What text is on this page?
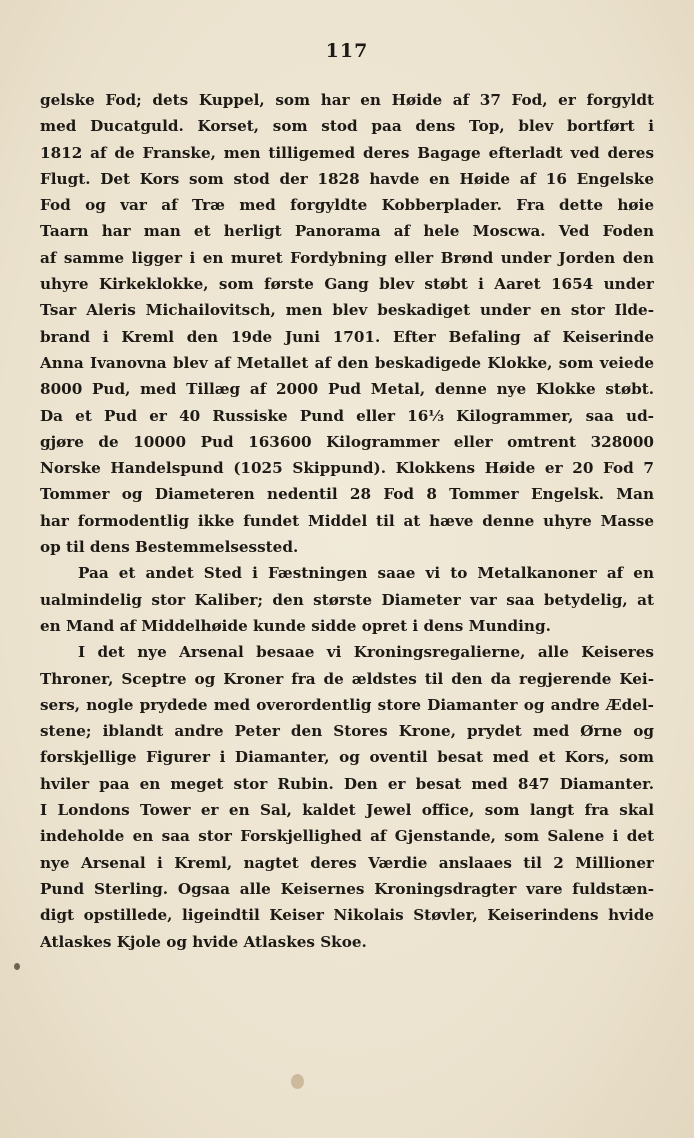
117
gelske Fod; dets Kuppel, som har en Høide af 37 Fod, er forgyldt
med Ducatguld. Korset, som stod paa dens Top, blev bortført i
1812 af de Franske, men tilligemed deres Bagage efterladt ved deres
Flugt. Det Kors som stod der 1828 havde en Høide af 16 Engelske
Fod og var af Træ med forgyldte Kobberplader. Fra dette høie
Taarn har man et herligt Panorama af hele Moscwa. Ved Foden
af samme ligger i en muret Fordybning eller Brønd under Jorden den
uhyre Kirkeklokke, som første Gang blev støbt i Aaret 1654 under
Tsar Aleris Michailovitsch, men blev beskadiget under en stor Ilde-
brand i Kreml den 19de Juni 1701. Efter Befaling af Keiserinde
Anna Ivanovna blev af Metallet af den beskadigede Klokke, som veiede
8000 Pud, med Tillæg af 2000 Pud Metal, denne nye Klokke støbt.
Da et Pud er 40 Russiske Pund eller 16⅓ Kilogrammer, saa ud-
gjøre de 10000 Pud 163600 Kilogrammer eller omtrent 328000
Norske Handelspund (1025 Skippund). Klokkens Høide er 20 Fod 7
Tommer og Diameteren nedentil 28 Fod 8 Tommer Engelsk. Man
har formodentlig ikke fundet Middel til at hæve denne uhyre Masse
op til dens Bestemmelsessted.
Paa et andet Sted i Fæstningen saae vi to Metalkanoner af en
ualmindelig stor Kaliber; den største Diameter var saa betydelig, at
en Mand af Middelhøide kunde sidde opret i dens Munding.
I det nye Arsenal besaae vi Kroningsregalierne, alle Keiseres
Throner, Sceptre og Kroner fra de ældstes til den da regjerende Kei-
sers, nogle prydede med overordentlig store Diamanter og andre Ædel-
stene; iblandt andre Peter den Stores Krone, prydet med Ørne og
forskjellige Figurer i Diamanter, og oventil besat med et Kors, som
hviler paa en meget stor Rubin. Den er besat med 847 Diamanter.
I Londons Tower er en Sal, kaldet Jewel office, som langt fra skal
indeholde en saa stor Forskjellighed af Gjenstande, som Salene i det
nye Arsenal i Kreml, nagtet deres Værdie anslaaes til 2 Millioner
Pund Sterling. Ogsaa alle Keisernes Kroningsdragter vare fuldstæn-
digt opstillede, ligeindtil Keiser Nikolais Støvler, Keiserindens hvide
Atlaskes Kjole og hvide Atlaskes Skoe.
